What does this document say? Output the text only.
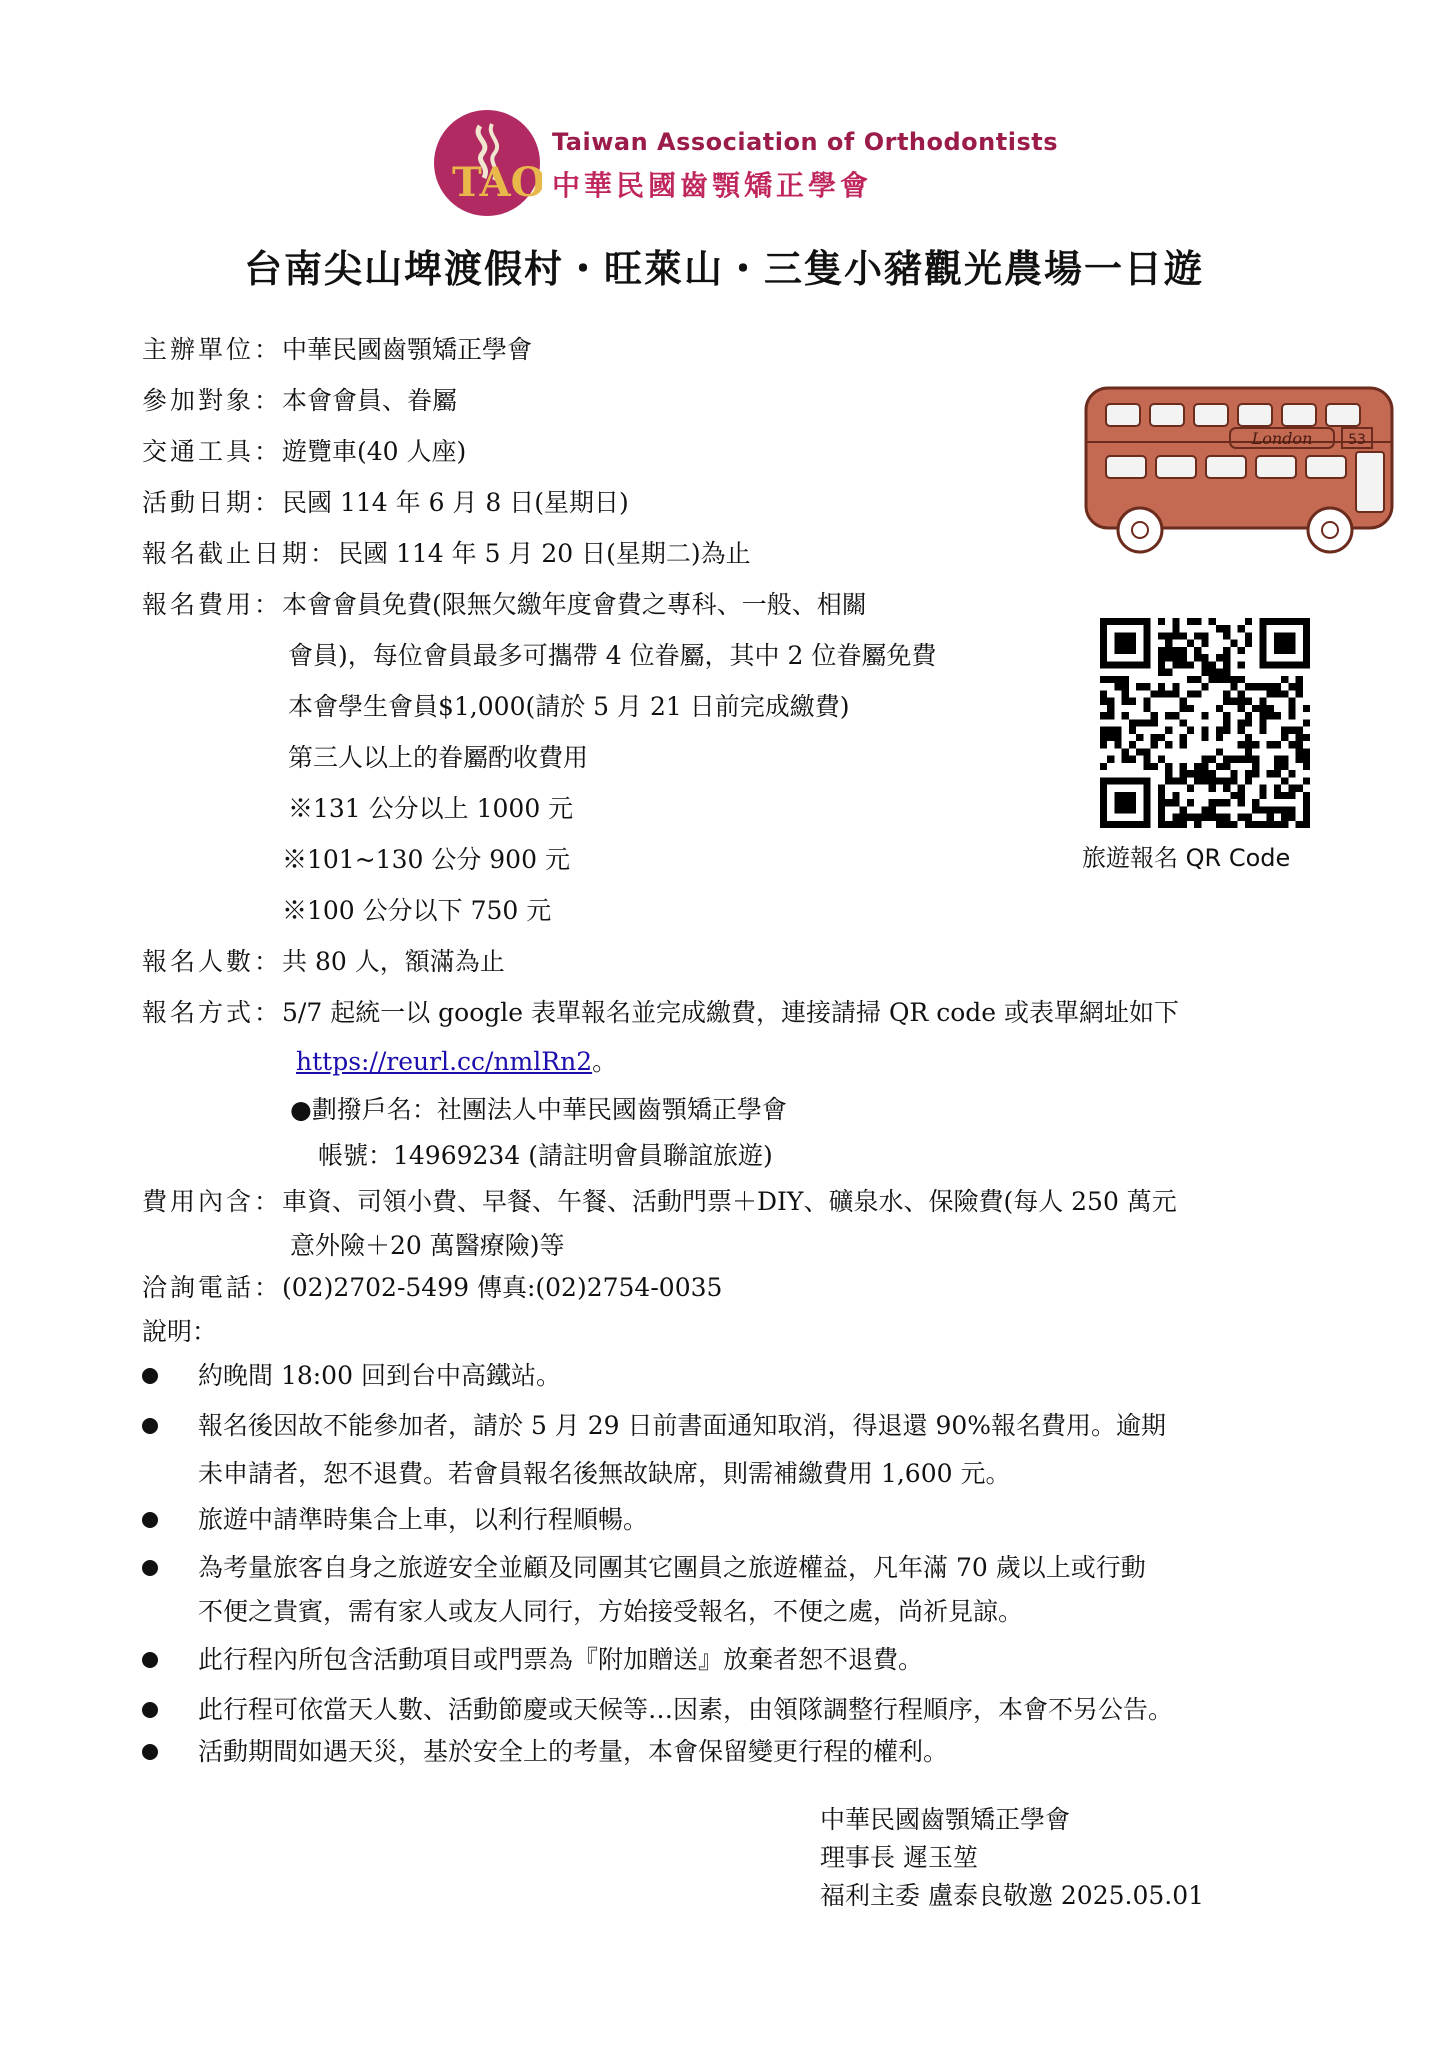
TAO
Taiwan Association of Orthodontists
中華民國齒顎矯正學會
台南尖山埤渡假村・旺萊山・三隻小豬觀光農場一日遊
主辦單位：中華民國齒顎矯正學會
參加對象：本會會員、眷屬
交通工具：遊覽車(40 人座)
活動日期：民國 114 年 6 月 8 日(星期日)
報名截止日期：民國 114 年 5 月 20 日(星期二)為止
報名費用：本會會員免費(限無欠繳年度會費之專科、一般、相關
會員)，每位會員最多可攜帶 4 位眷屬，其中 2 位眷屬免費
本會學生會員$1,000(請於 5 月 21 日前完成繳費)
第三人以上的眷屬酌收費用
※131 公分以上 1000 元
※101~130 公分 900 元
※100 公分以下 750 元
報名人數：共 80 人，額滿為止
報名方式：5/7 起統一以 google 表單報名並完成繳費，連接請掃 QR code 或表單網址如下
https://reurl.cc/nmlRn2。
●劃撥戶名：社團法人中華民國齒顎矯正學會
帳號：14969234 (請註明會員聯誼旅遊)
費用內含：車資、司領小費、早餐、午餐、活動門票＋DIY、礦泉水、保險費(每人 250 萬元
意外險＋20 萬醫療險)等
洽詢電話：(02)2702-5499 傳真:(02)2754-0035
說明：
London	53
旅遊報名 QR Code
約晚間 18:00 回到台中高鐵站。
報名後因故不能參加者，請於 5 月 29 日前書面通知取消，得退還 90%報名費用。逾期
未申請者，恕不退費。若會員報名後無故缺席，則需補繳費用 1,600 元。
旅遊中請準時集合上車，以利行程順暢。
為考量旅客自身之旅遊安全並顧及同團其它團員之旅遊權益，凡年滿 70 歲以上或行動
不便之貴賓，需有家人或友人同行，方始接受報名，不便之處，尚祈見諒。
此行程內所包含活動項目或門票為『附加贈送』放棄者恕不退費。
此行程可依當天人數、活動節慶或天候等…因素，由領隊調整行程順序，本會不另公告。
活動期間如遇天災，基於安全上的考量，本會保留變更行程的權利。
中華民國齒顎矯正學會
理事長 遲玉堃
福利主委 盧泰良敬邀 2025.05.01
